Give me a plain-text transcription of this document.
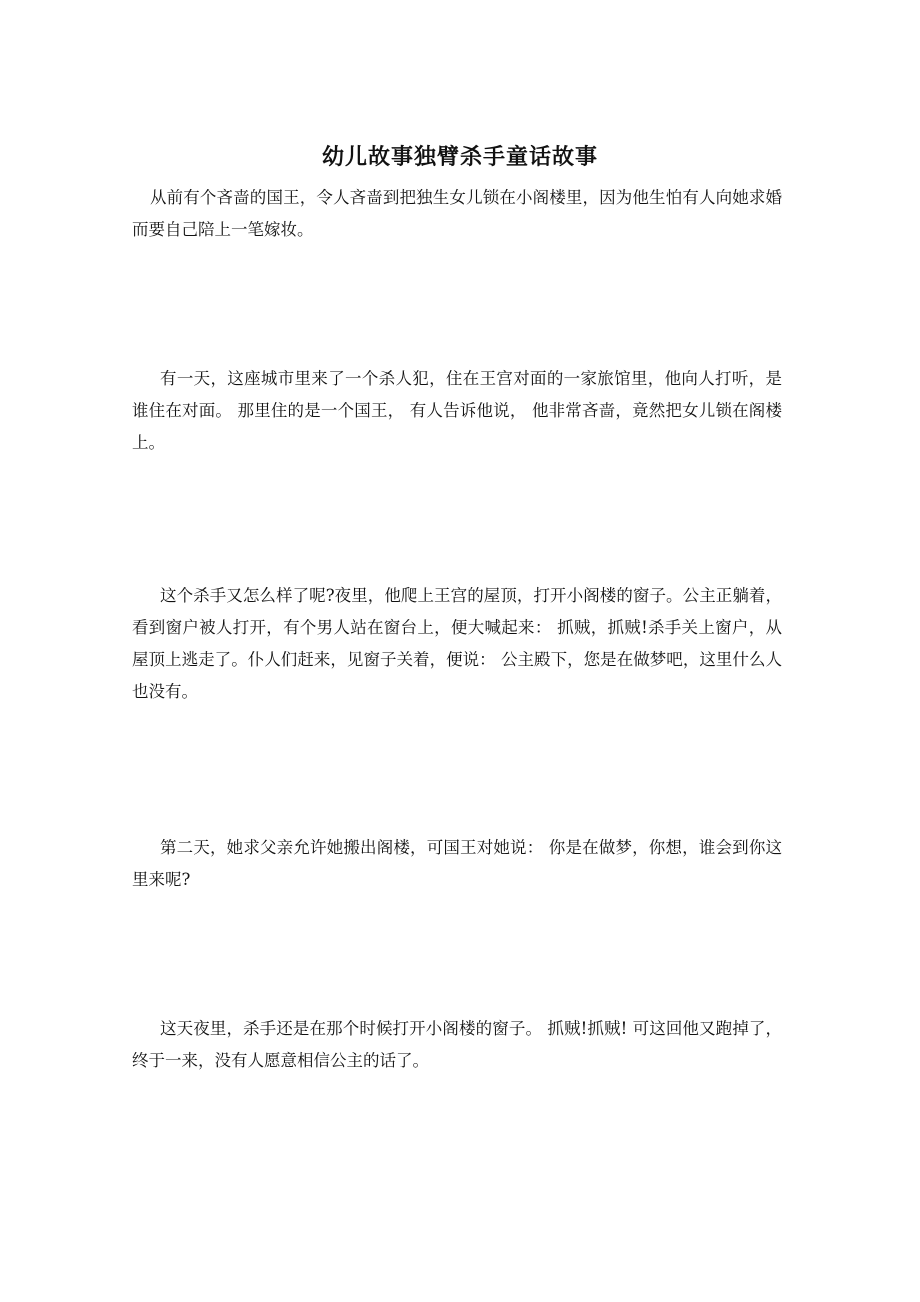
幼儿故事独臂杀手童话故事
从前有个吝啬的国王，令人吝啬到把独生女儿锁在小阁楼里，因为他生怕有人向她求婚而要自己陪上一笔嫁妆。
有一天，这座城市里来了一个杀人犯，住在王宫对面的一家旅馆里，他向人打听，是谁住在对面。 那里住的是一个国王， 有人告诉他说， 他非常吝啬，竟然把女儿锁在阁楼上。
这个杀手又怎么样了呢?夜里，他爬上王宫的屋顶，打开小阁楼的窗子。公主正躺着，看到窗户被人打开，有个男人站在窗台上，便大喊起来： 抓贼，抓贼!杀手关上窗户，从屋顶上逃走了。仆人们赶来，见窗子关着，便说： 公主殿下，您是在做梦吧，这里什么人也没有。
第二天，她求父亲允许她搬出阁楼，可国王对她说： 你是在做梦，你想，谁会到你这里来呢?
这天夜里，杀手还是在那个时候打开小阁楼的窗子。 抓贼!抓贼! 可这回他又跑掉了，终于一来，没有人愿意相信公主的话了。
